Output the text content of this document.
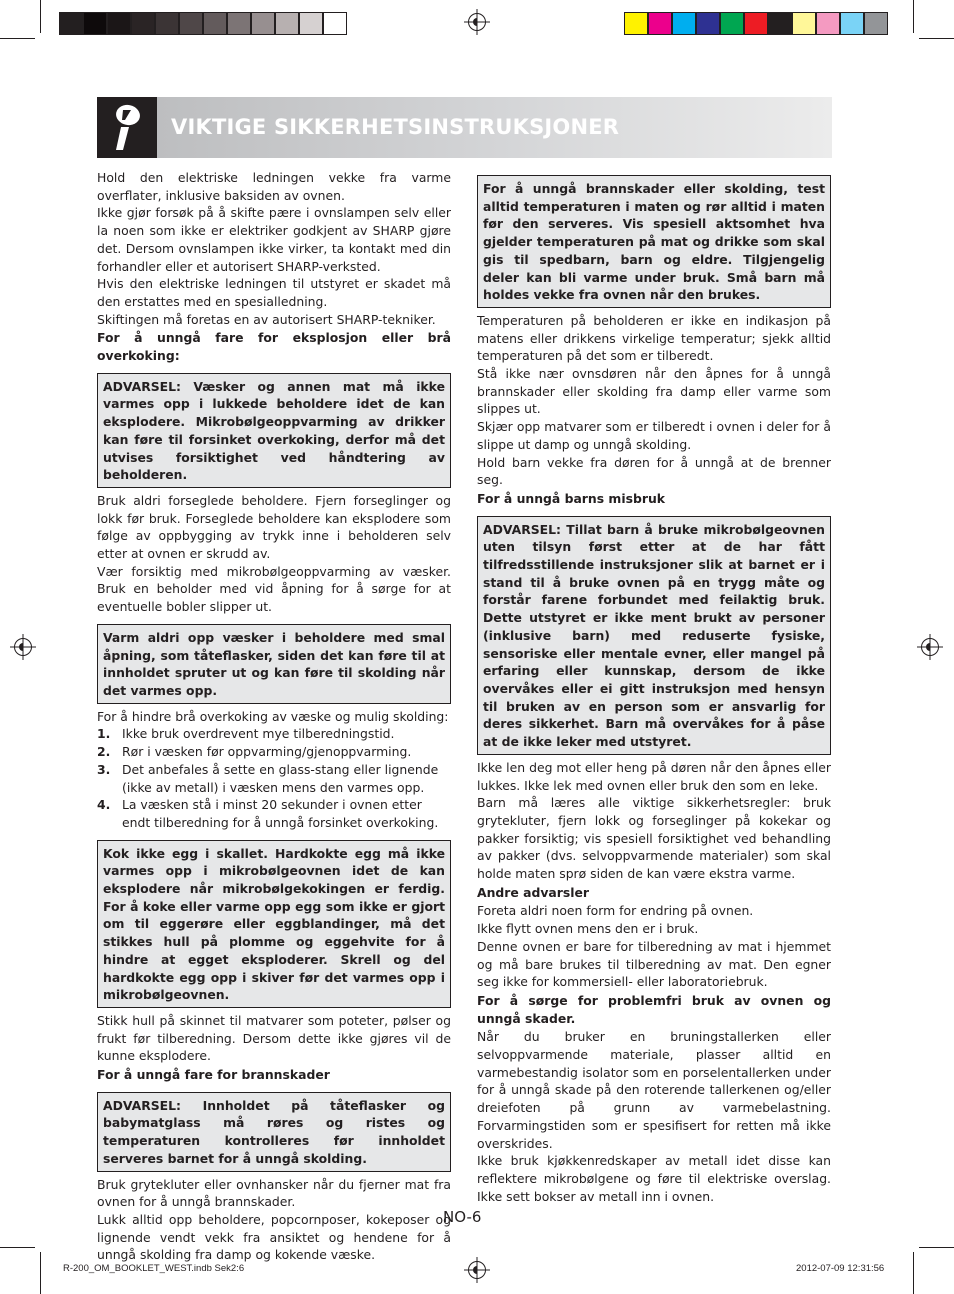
VIKTIGE SIKKERHETSINSTRUKSJONER

Hold den elektriske ledningen vekke fra varme overflater, inklusive baksiden av ovnen.

Ikke gjør forsøk på å skifte pære i ovnslampen selv eller la noen som ikke er elektriker godkjent av SHARP gjøre det. Dersom ovnslampen ikke virker, ta kontakt med din forhandler eller et autorisert SHARP-verksted.

Hvis den elektriske ledningen til utstyret er skadet må den erstattes med en spesialledning.

Skiftingen må foretas en av autorisert SHARP-tekniker.

For å unngå fare for eksplosjon eller brå overkoking:

ADVARSEL: Væsker og annen mat må ikke varmes opp i lukkede beholdere idet de kan eksplodere. Mikrobølgeoppvarming av drikker kan føre til forsinket overkoking, derfor må det utvises forsiktighet ved håndtering av beholderen.

Bruk aldri forseglede beholdere. Fjern forseglinger og lokk før bruk. Forseglede beholdere kan eksplodere som følge av oppbygging av trykk inne i beholderen selv etter at ovnen er skrudd av.

Vær forsiktig med mikrobølgeoppvarming av væsker. Bruk en beholder med vid åpning for å sørge for at eventuelle bobler slipper ut.

Varm aldri opp væsker i beholdere med smal åpning, som tåteflasker, siden det kan føre til at innholdet spruter ut og kan føre til skolding når det varmes opp.

For å hindre brå overkoking av væske og mulig skolding:

1. Ikke bruk overdrevent mye tilberedningstid.
2. Rør i væsken før oppvarming/gjenoppvarming.
3. Det anbefales å sette en glass-stang eller lignende (ikke av metall) i væsken mens den varmes opp.
4. La væsken stå i minst 20 sekunder i ovnen etter endt tilberedning for å unngå forsinket overkoking.
Kok ikke egg i skallet. Hardkokte egg må ikke varmes opp i mikrobølgeovnen idet de kan eksplodere når mikrobølgekokingen er ferdig. For å koke eller varme opp egg som ikke er gjort om til eggerøre eller eggblandinger, må det stikkes hull på plomme og eggehvite for å hindre at egget eksploderer. Skrell og del hardkokte egg opp i skiver før det varmes opp i mikrobølgeovnen.

Stikk hull på skinnet til matvarer som poteter, pølser og frukt før tilberedning. Dersom dette ikke gjøres vil de kunne eksplodere.

For å unngå fare for brannskader

ADVARSEL: Innholdet på tåteflasker og babymatglass må røres og ristes og temperaturen kontrolleres før innholdet serveres barnet for å unngå skolding.

Bruk grytekluter eller ovnhansker når du fjerner mat fra ovnen for å unngå brannskader.

Lukk alltid opp beholdere, popcornposer, kokeposer og lignende vendt vekk fra ansiktet og hendene for å unngå skolding fra damp og kokende væske.

For å unngå brannskader eller skolding, test alltid temperaturen i maten og rør alltid i maten før den serveres. Vis spesiell aktsomhet hva gjelder temperaturen på mat og drikke som skal gis til spedbarn, barn og eldre. Tilgjengelig deler kan bli varme under bruk. Små barn må holdes vekke fra ovnen når den brukes.

Temperaturen på beholderen er ikke en indikasjon på matens eller drikkens virkelige temperatur; sjekk alltid temperaturen på det som er tilberedt.

Stå ikke nær ovnsdøren når den åpnes for å unngå brannskader eller skolding fra damp eller varme som slippes ut.

Skjær opp matvarer som er tilberedt i ovnen i deler for å slippe ut damp og unngå skolding.

Hold barn vekke fra døren for å unngå at de brenner seg.

For å unngå barns misbruk

ADVARSEL: Tillat barn å bruke mikrobølgeovnen uten tilsyn først etter at de har fått tilfredsstillende instruksjoner slik at barnet er i stand til å bruke ovnen på en trygg måte og forstår farene forbundet med feilaktig bruk. Dette utstyret er ikke ment brukt av personer (inklusive barn) med reduserte fysiske, sensoriske eller mentale evner, eller mangel på erfaring eller kunnskap, dersom de ikke overvåkes eller ei gitt instruksjon med hensyn til bruken av en person som er ansvarlig for deres sikkerhet. Barn må overvåkes for å påse at de ikke leker med utstyret.

Ikke len deg mot eller heng på døren når den åpnes eller lukkes. Ikke lek med ovnen eller bruk den som en leke.

Barn må læres alle viktige sikkerhetsregler: bruk grytekluter, fjern lokk og forseglinger på kokekar og pakker forsiktig; vis spesiell forsiktighet ved behandling av pakker (dvs. selvoppvarmende materialer) som skal holde maten sprø siden de kan være ekstra varme.

Andre advarsler

Foreta aldri noen form for endring på ovnen.

Ikke flytt ovnen mens den er i bruk.

Denne ovnen er bare for tilberedning av mat i hjemmet og må bare brukes til tilberedning av mat. Den egner seg ikke for kommersiell- eller laboratoriebruk.

For å sørge for problemfri bruk av ovnen og unngå skader.

Når du bruker en bruningstallerken eller selvoppvarmende materiale, plasser alltid en varmebestandig isolator som en porselentallerken under for å unngå skade på den roterende tallerkenen og/eller dreiefoten på grunn av varmebelastning. Forvarmingstiden som er spesifisert for retten må ikke overskrides.

Ikke bruk kjøkkenredskaper av metall idet disse kan reflektere mikrobølgene og føre til elektriske overslag. Ikke sett bokser av metall inn i ovnen.

NO-6
R-200_OM_BOOKLET_WEST.indb Sek2:6	2012-07-09 12:31:56
